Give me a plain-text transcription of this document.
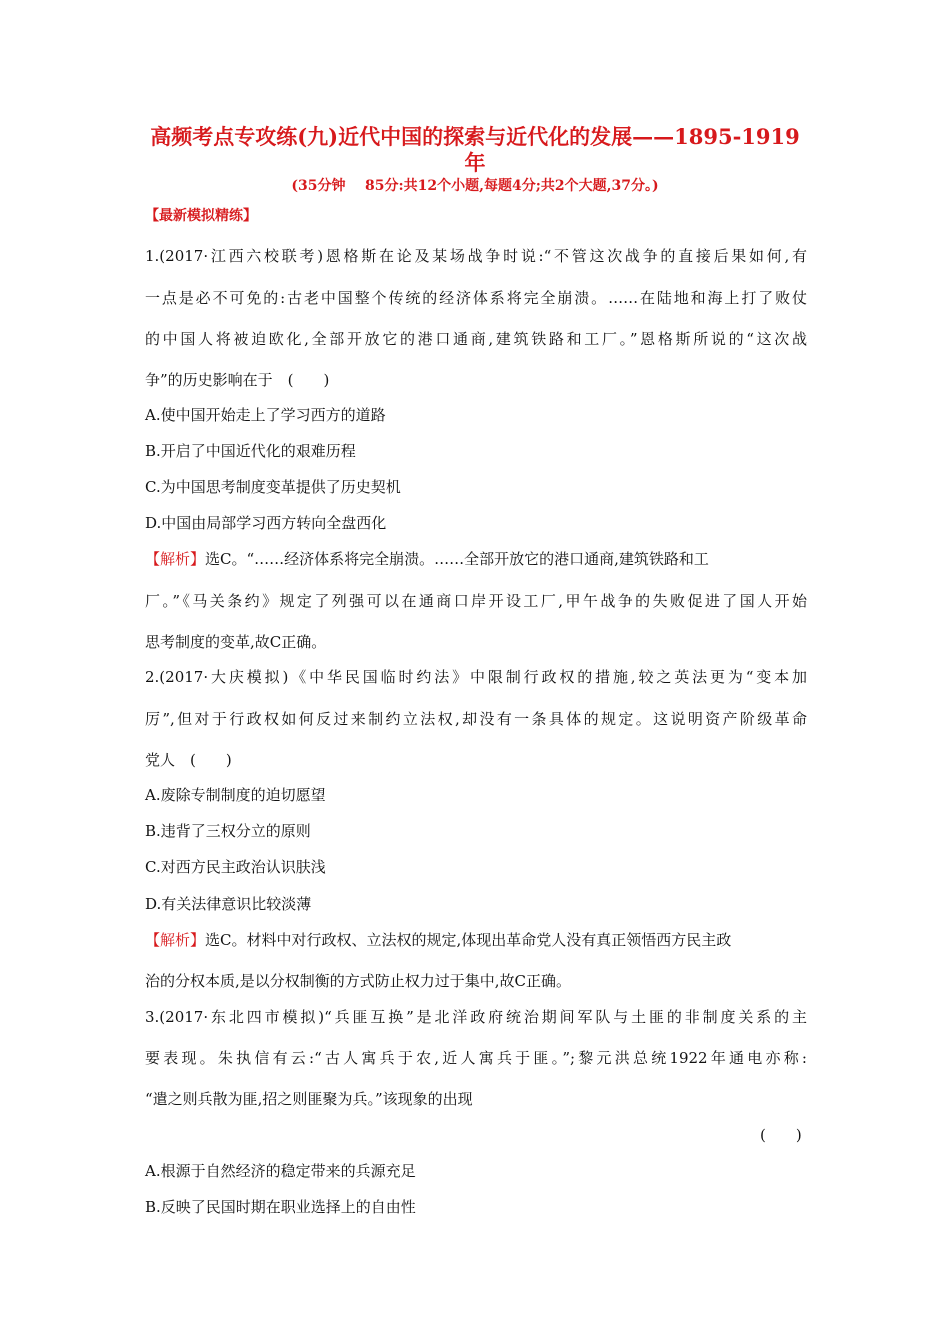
高频考点专攻练(九)近代中国的探索与近代化的发展——1895-1919
年
(35分钟    85分:共12个小题,每题4分;共2个大题,37分。)
【最新模拟精练】
1.(2017·江西六校联考)恩格斯在论及某场战争时说:“不管这次战争的直接后果如何,有
一点是必不可免的:古老中国整个传统的经济体系将完全崩溃。……在陆地和海上打了败仗
的中国人将被迫欧化,全部开放它的港口通商,建筑铁路和工厂。”恩格斯所说的“这次战
争”的历史影响在于　(　　)
A.使中国开始走上了学习西方的道路
B.开启了中国近代化的艰难历程
C.为中国思考制度变革提供了历史契机
D.中国由局部学习西方转向全盘西化
【解析】选C。“……经济体系将完全崩溃。……全部开放它的港口通商,建筑铁路和工
厂。”《马关条约》规定了列强可以在通商口岸开设工厂,甲午战争的失败促进了国人开始
思考制度的变革,故C正确。
2.(2017·大庆模拟)《中华民国临时约法》中限制行政权的措施,较之英法更为“变本加
厉”,但对于行政权如何反过来制约立法权,却没有一条具体的规定。这说明资产阶级革命
党人　(　　)
A.废除专制制度的迫切愿望
B.违背了三权分立的原则
C.对西方民主政治认识肤浅
D.有关法律意识比较淡薄
【解析】选C。材料中对行政权、立法权的规定,体现出革命党人没有真正领悟西方民主政
治的分权本质,是以分权制衡的方式防止权力过于集中,故C正确。
3.(2017·东北四市模拟)“兵匪互换”是北洋政府统治期间军队与土匪的非制度关系的主
要表现。朱执信有云:“古人寓兵于农,近人寓兵于匪。”;黎元洪总统1922年通电亦称:
“遣之则兵散为匪,招之则匪聚为兵。”该现象的出现
(　　)
A.根源于自然经济的稳定带来的兵源充足
B.反映了民国时期在职业选择上的自由性
